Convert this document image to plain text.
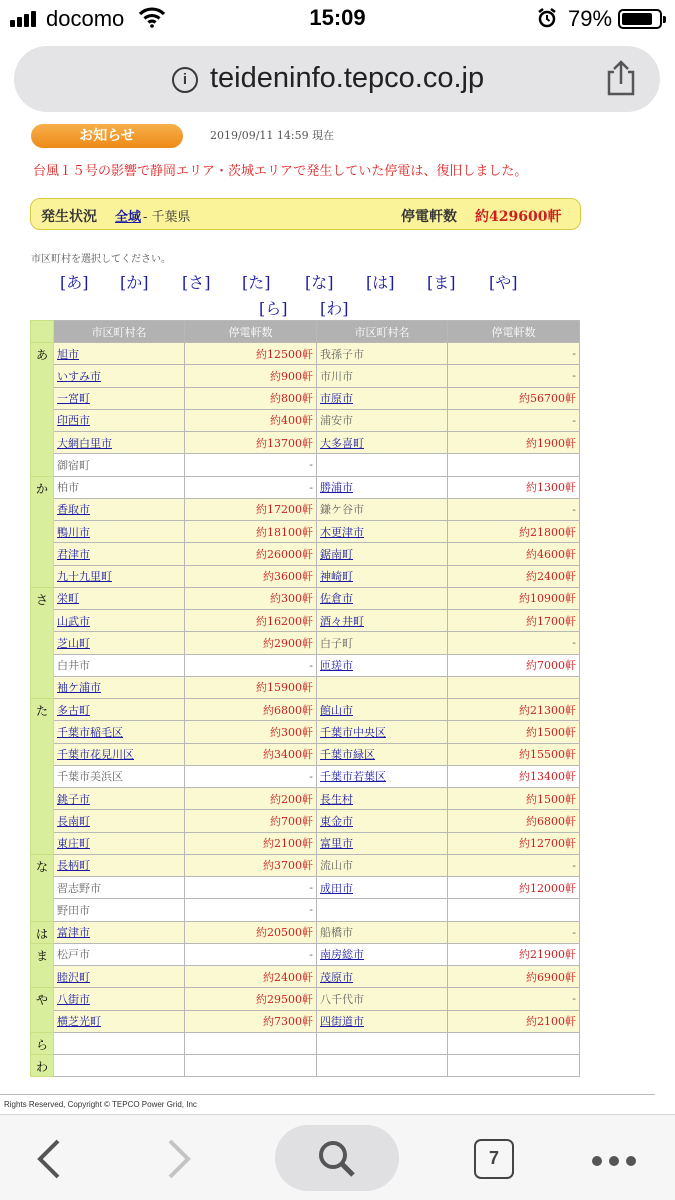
docomo	15:09	79%
i teideninfo.tepco.co.jp
お知らせ	2019/09/11 14:59 現在
台風１５号の影響で静岡エリア・茨城エリアで発生していた停電は、復旧しました。
発生状況 全域 - 千葉県	停電軒数 約429600軒
市区町村を選択してください。
[あ] [か] [さ] [た] [な] [は] [ま] [や]
[ら] [わ]
	市区町村名	停電軒数	市区町村名	停電軒数
あ	旭市	約12500軒	我孫子市	-
	いすみ市	約900軒	市川市	-
	一宮町	約800軒	市原市	約56700軒
	印西市	約400軒	浦安市	-
	大網白里市	約13700軒	大多喜町	約1900軒
	御宿町	-		
か	柏市	-	勝浦市	約1300軒
	香取市	約17200軒	鎌ケ谷市	-
	鴨川市	約18100軒	木更津市	約21800軒
	君津市	約26000軒	鋸南町	約4600軒
	九十九里町	約3600軒	神崎町	約2400軒
さ	栄町	約300軒	佐倉市	約10900軒
	山武市	約16200軒	酒々井町	約1700軒
	芝山町	約2900軒	白子町	-
	白井市	-	匝瑳市	約7000軒
	袖ケ浦市	約15900軒		
た	多古町	約6800軒	館山市	約21300軒
	千葉市稲毛区	約300軒	千葉市中央区	約1500軒
	千葉市花見川区	約3400軒	千葉市緑区	約15500軒
	千葉市美浜区	-	千葉市若葉区	約13400軒
	銚子市	約200軒	長生村	約1500軒
	長南町	約700軒	東金市	約6800軒
	東庄町	約2100軒	富里市	約12700軒
な	長柄町	約3700軒	流山市	-
	習志野市	-	成田市	約12000軒
	野田市	-		
は	富津市	約20500軒	船橋市	-
ま	松戸市	-	南房総市	約21900軒
	睦沢町	約2400軒	茂原市	約6900軒
や	八街市	約29500軒	八千代市	-
	横芝光町	約7300軒	四街道市	約2100軒
ら				
わ				
Rights Reserved, Copyright © TEPCO Power Grid, Inc
7
